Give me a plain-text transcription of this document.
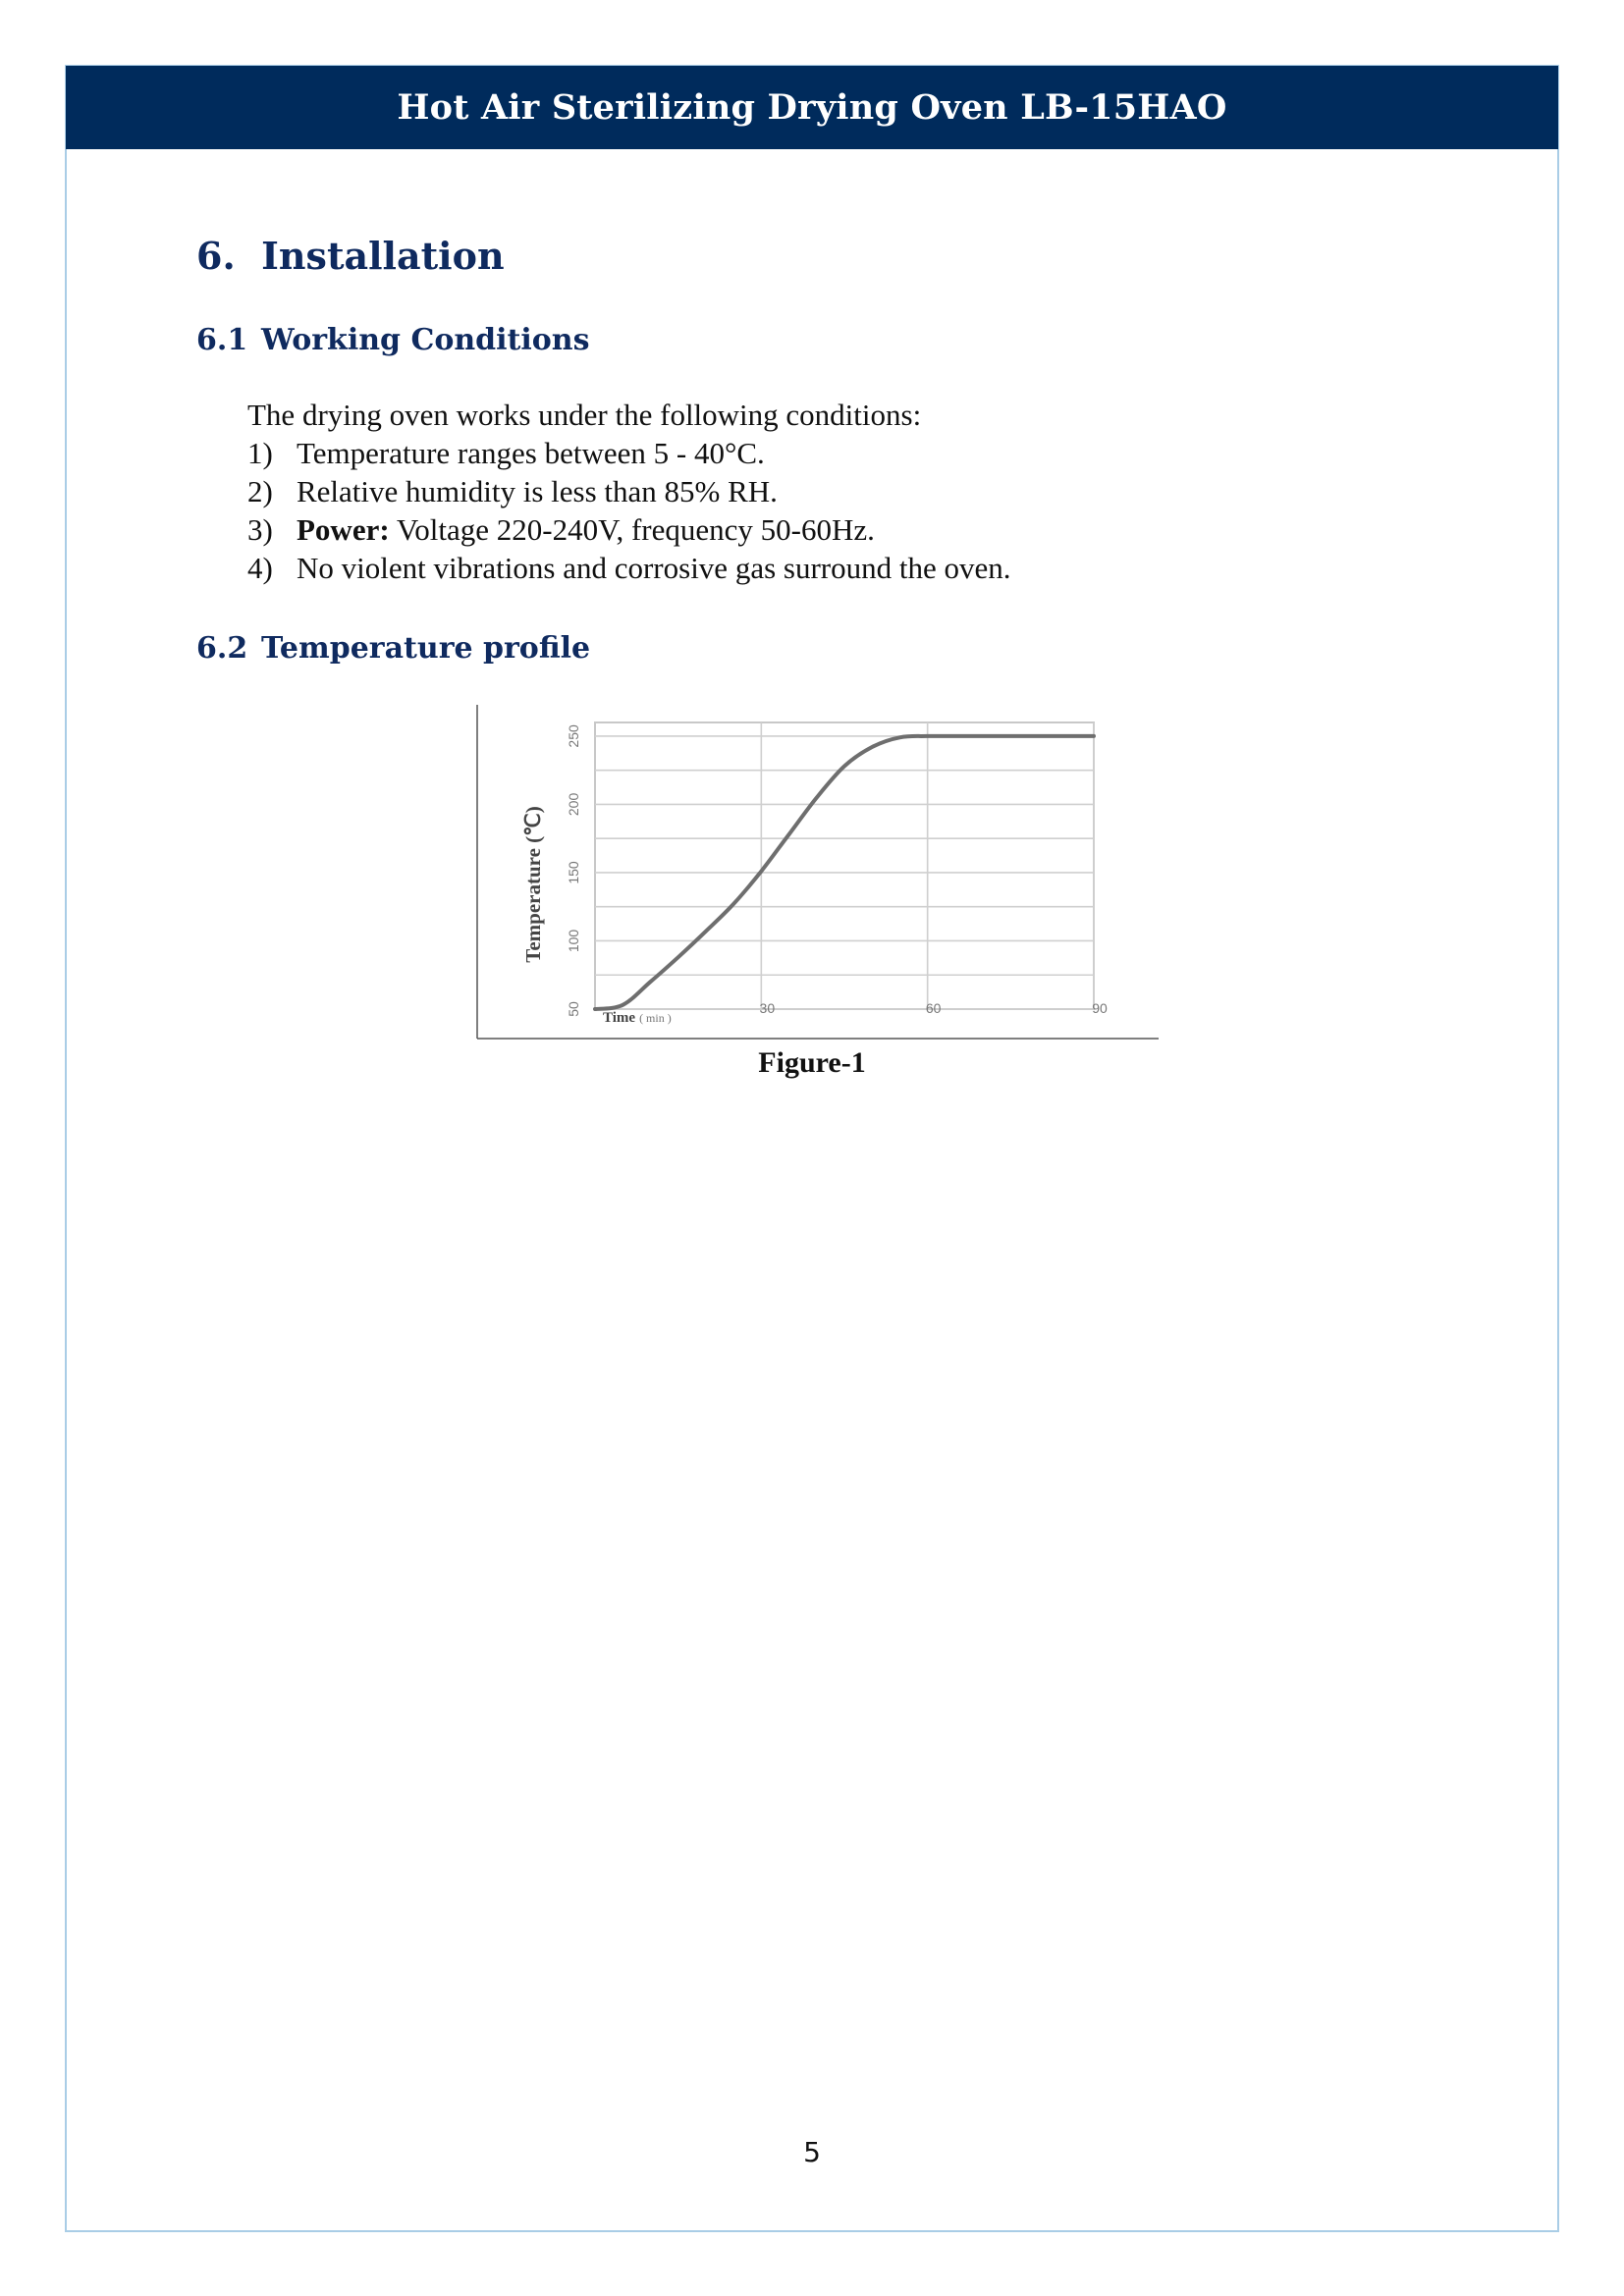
Hot Air Sterilizing Drying Oven LB-15HAO
6. Installation
6.1 Working Conditions
The drying oven works under the following conditions:
1) Temperature ranges between 5 - 40°C.
2) Relative humidity is less than 85% RH.
3) Power: Voltage 220-240V, frequency 50-60Hz.
4) No violent vibrations and corrosive gas surround the oven.
6.2 Temperature profile
50
100
150
200
250
30	60	90
Temperature (℃)
Time ( min )
Figure-1
5
